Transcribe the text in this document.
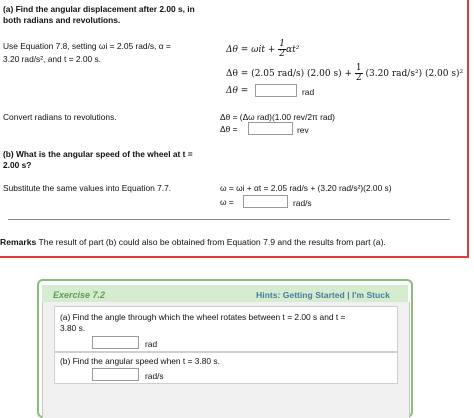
(a) Find the angular displacement after 2.00 s, in
both radians and revolutions.
Use Equation 7.8, setting ωi = 2.05 rad/s, α =
3.20 rad/s², and t = 2.00 s.
$\Delta\theta = \omega it + \frac{1}{2} \alpha t^2$
Δθ = (2.05 rad/s) (2.00 $s) + \frac{1}{2} (3.20$ rad/s²) (2.00 s)²
Δθ =	rad
Convert radians to revolutions.	Δθ = (Δω rad)(1.00 rev/2π rad)
Δθ =	rev
(b) What is the angular speed of the wheel at t =
2.00 s?
Substitute the same values into Equation 7.7.	ω = ωi + αt = 2.05 rad/s + (3.20 rad/s²)(2.00 s)
ω =	rad/s
Remarks The result of part (b) could also be obtained from Equation 7.9 and the results from part (a).
Exercise 7.2	Hints: Getting Started | I'm Stuck
(a) Find the angle through which the wheel rotates between t = 2.00 s and t =
3.80 s.
rad
(b) Find the angular speed when t = 3.80 s.
rad/s
